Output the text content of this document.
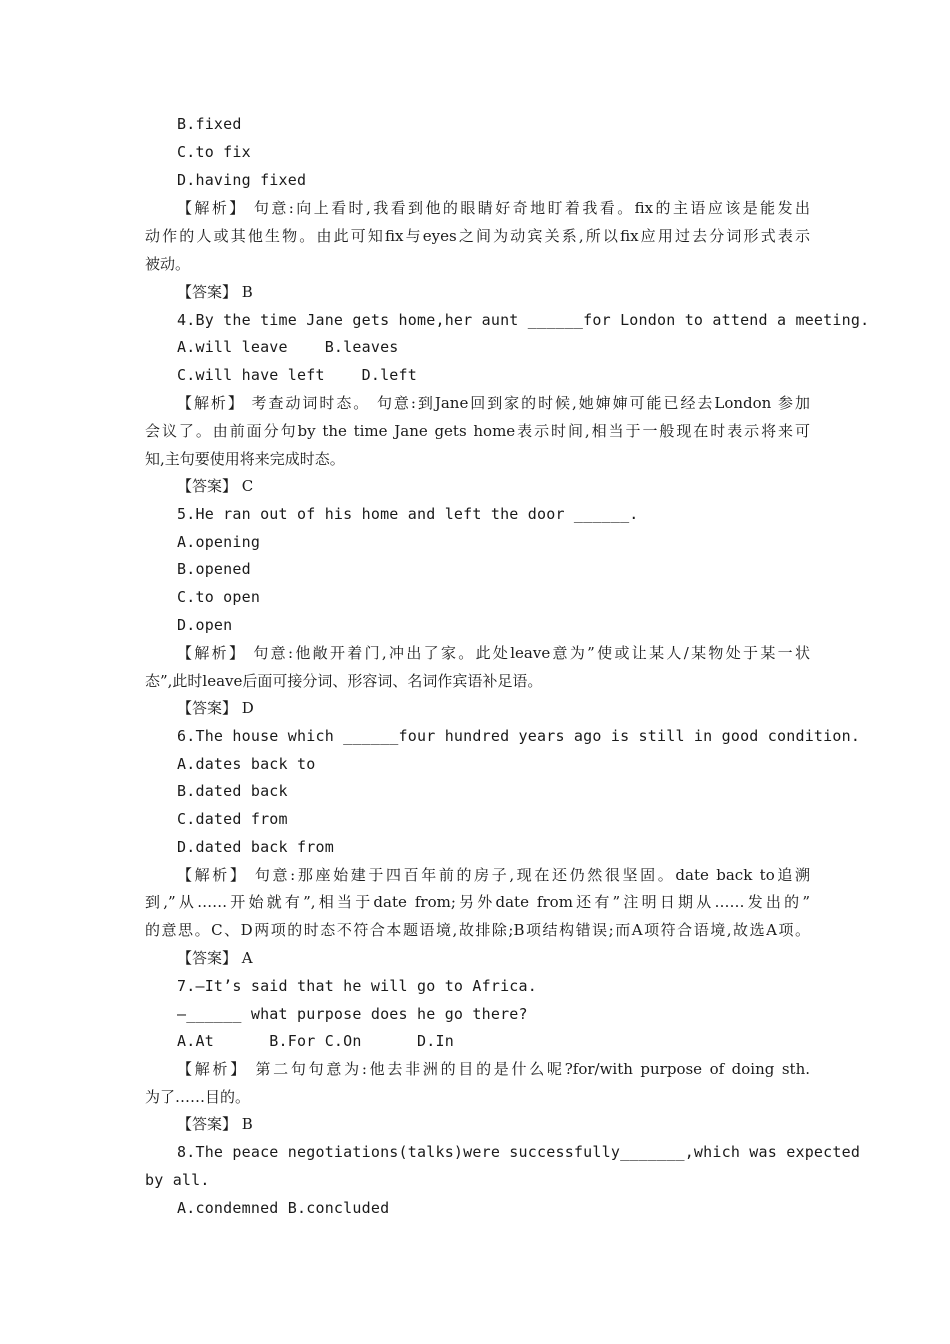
B.fixed
C.to fix
D.having fixed
【解析】 句意:向上看时,我看到他的眼睛好奇地盯着我看。fix的主语应该是能发出
动作的人或其他生物。由此可知fix与eyes之间为动宾关系,所以fix应用过去分词形式表示
被动。
【答案】 B
4.By the time Jane gets home,her aunt ______for London to attend a meeting.
A.will leave    B.leaves
C.will have left    D.left
【解析】 考查动词时态。 句意:到Jane回到家的时候,她婶婶可能已经去London 参加
会议了。由前面分句by the time Jane gets home表示时间,相当于一般现在时表示将来可
知,主句要使用将来完成时态。
【答案】 C
5.He ran out of his home and left the door ______.
A.opening
B.opened
C.to open
D.open
【解析】 句意:他敞开着门,冲出了家。此处leave意为”使或让某人/某物处于某一状
态”,此时leave后面可接分词、形容词、名词作宾语补足语。
【答案】 D
6.The house which ______four hundred years ago is still in good condition.
A.dates back to
B.dated back
C.dated from
D.dated back from
【解析】 句意:那座始建于四百年前的房子,现在还仍然很坚固。date back to追溯
到,”从……开始就有”,相当于date from;另外date from还有”注明日期从……发出的”
的意思。C、D两项的时态不符合本题语境,故排除;B项结构错误;而A项符合语境,故选A项。
【答案】 A
7.—It’s said that he will go to Africa.
—______ what purpose does he go there?
A.At      B.For C.On      D.In
【解析】 第二句句意为:他去非洲的目的是什么呢?for/with purpose of doing sth.
为了……目的。
【答案】 B
8.The peace negotiations(talks)were successfully_______,which was expected
by all.
A.condemned B.concluded
